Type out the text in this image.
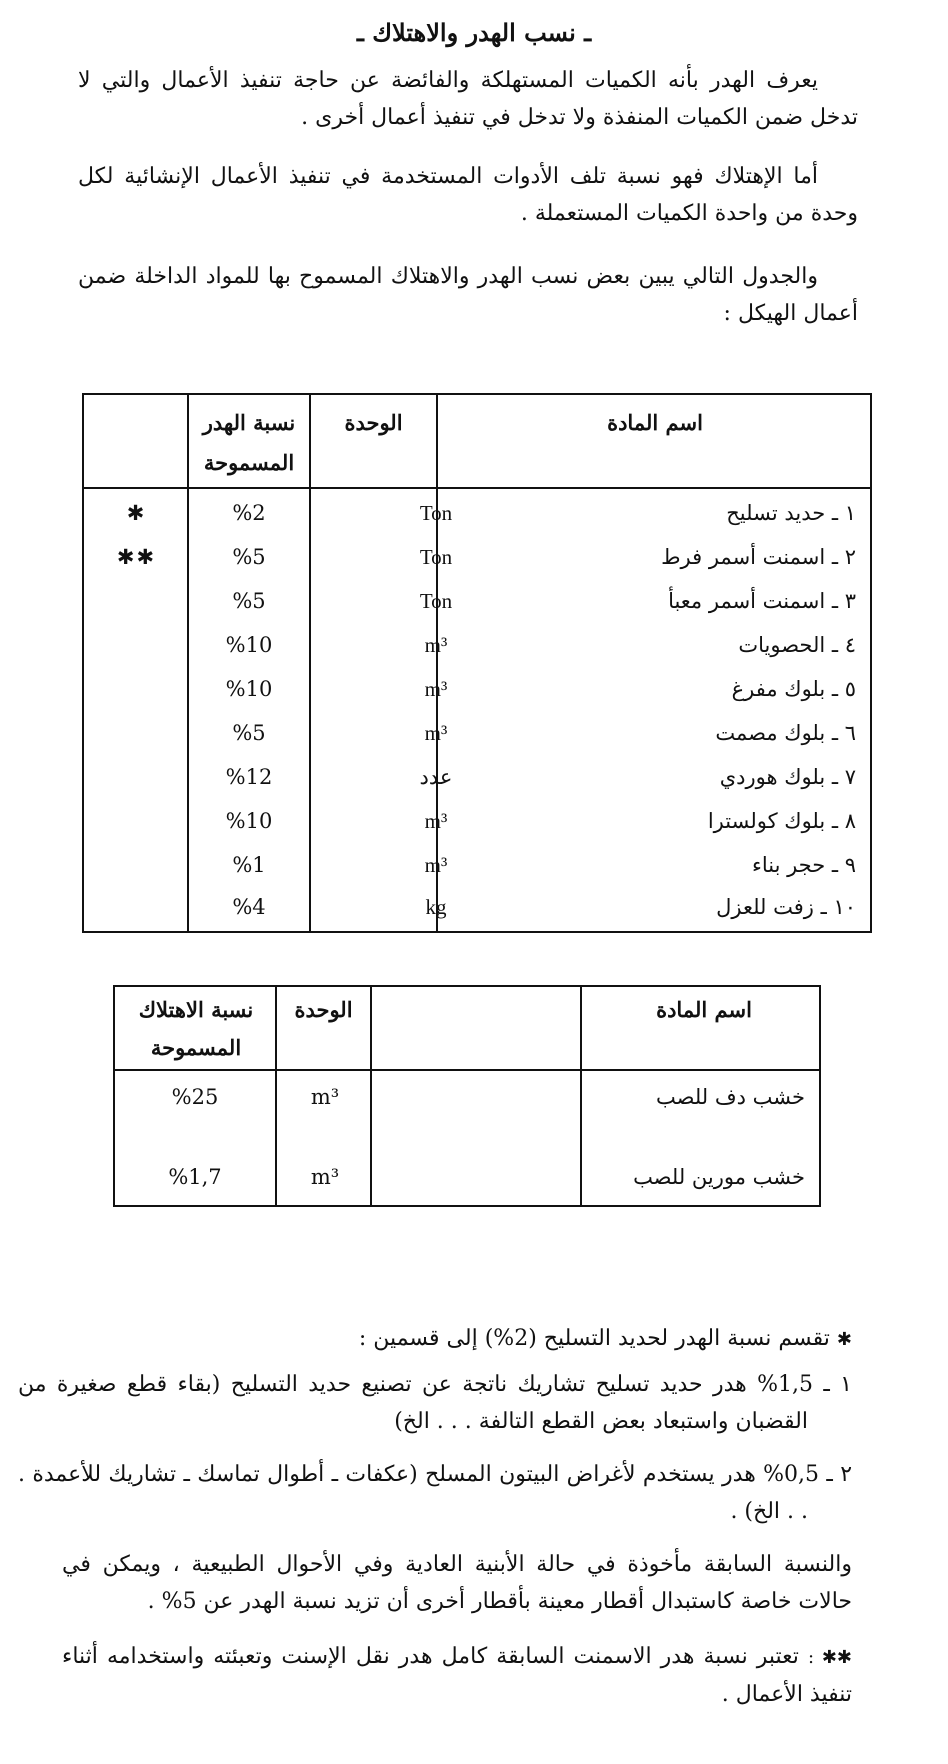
ـ نسب الهدر والاهتلاك ـ
يعرف الهدر بأنه الكميات المستهلكة والفائضة عن حاجة تنفيذ الأعمال والتي لا تدخل ضمن الكميات المنفذة ولا تدخل في تنفيذ أعمال أخرى .
أما الإهتلاك فهو نسبة تلف الأدوات المستخدمة في تنفيذ الأعمال الإنشائية لكل وحدة من واحدة الكميات المستعملة .
والجدول التالي يبين بعض نسب الهدر والاهتلاك المسموح بها للمواد الداخلة ضمن أعمال الهيكل :
اسم المادة
الوحدة
نسبة الهدر المسموحة
١ ـ حديد تسليح
Ton
%2
✱
٢ ـ اسمنت أسمر فرط
Ton
%5
✱✱
٣ ـ اسمنت أسمر معبأ
Ton
%5
٤ ـ الحصويات
m³
%10
٥ ـ بلوك مفرغ
m³
%10
٦ ـ بلوك مصمت
m³
%5
٧ ـ بلوك هوردي
عدد
%12
٨ ـ بلوك كولسترا
m³
%10
٩ ـ حجر بناء
m³
%1
١٠ ـ زفت للعزل
kg
%4
اسم المادة
الوحدة
نسبة الاهتلاك المسموحة
خشب دف للصب
m³
%25
خشب مورين للصب
m³
%1,7
✱ تقسم نسبة الهدر لحديد التسليح (2%) إلى قسمين :
١ ـ 1,5% هدر حديد تسليح تشاريك ناتجة عن تصنيع حديد التسليح (بقاء قطع صغيرة من القضبان واستبعاد بعض القطع التالفة . . . الخ)
٢ ـ 0,5% هدر يستخدم لأغراض البيتون المسلح (عكفات ـ أطوال تماسك ـ تشاريك للأعمدة . . . الخ) .
والنسبة السابقة مأخوذة في حالة الأبنية العادية وفي الأحوال الطبيعية ، ويمكن في حالات خاصة كاستبدال أقطار معينة بأقطار أخرى أن تزيد نسبة الهدر عن 5% .
✱✱ : تعتبر نسبة هدر الاسمنت السابقة كامل هدر نقل الإسنت وتعبئته واستخدامه أثناء تنفيذ الأعمال .
